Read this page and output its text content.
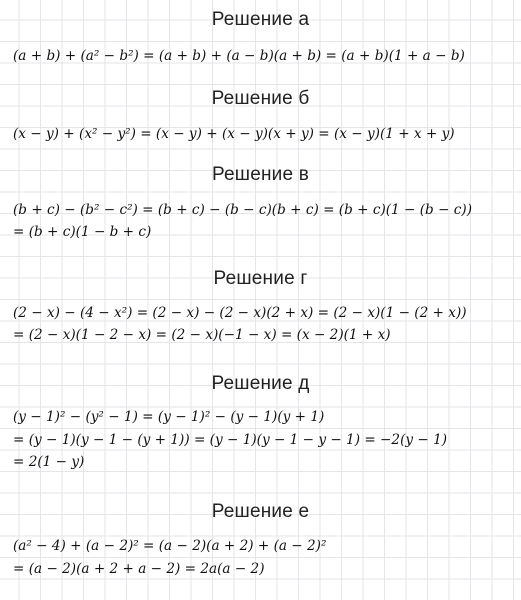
Решение а
(a + b) + (a² − b²) = (a + b) + (a − b)(a + b) = (a + b)(1 + a − b)
Решение б
(x − y) + (x² − y²) = (x − y) + (x − y)(x + y) = (x − y)(1 + x + y)
Решение в
(b + c) − (b² − c²) = (b + c) − (b − c)(b + c) = (b + c)(1 − (b − c))
= (b + c)(1 − b + c)
Решение г
(2 − x) − (4 − x²) = (2 − x) − (2 − x)(2 + x) = (2 − x)(1 − (2 + x))
= (2 − x)(1 − 2 − x) = (2 − x)(−1 − x) = (x − 2)(1 + x)
Решение д
(y − 1)² − (y² − 1) = (y − 1)² − (y − 1)(y + 1)
= (y − 1)(y − 1 − (y + 1)) = (y − 1)(y − 1 − y − 1) = −2(y − 1)
= 2(1 − y)
Решение е
(a² − 4) + (a − 2)² = (a − 2)(a + 2) + (a − 2)²
= (a − 2)(a + 2 + a − 2) = 2a(a − 2)
